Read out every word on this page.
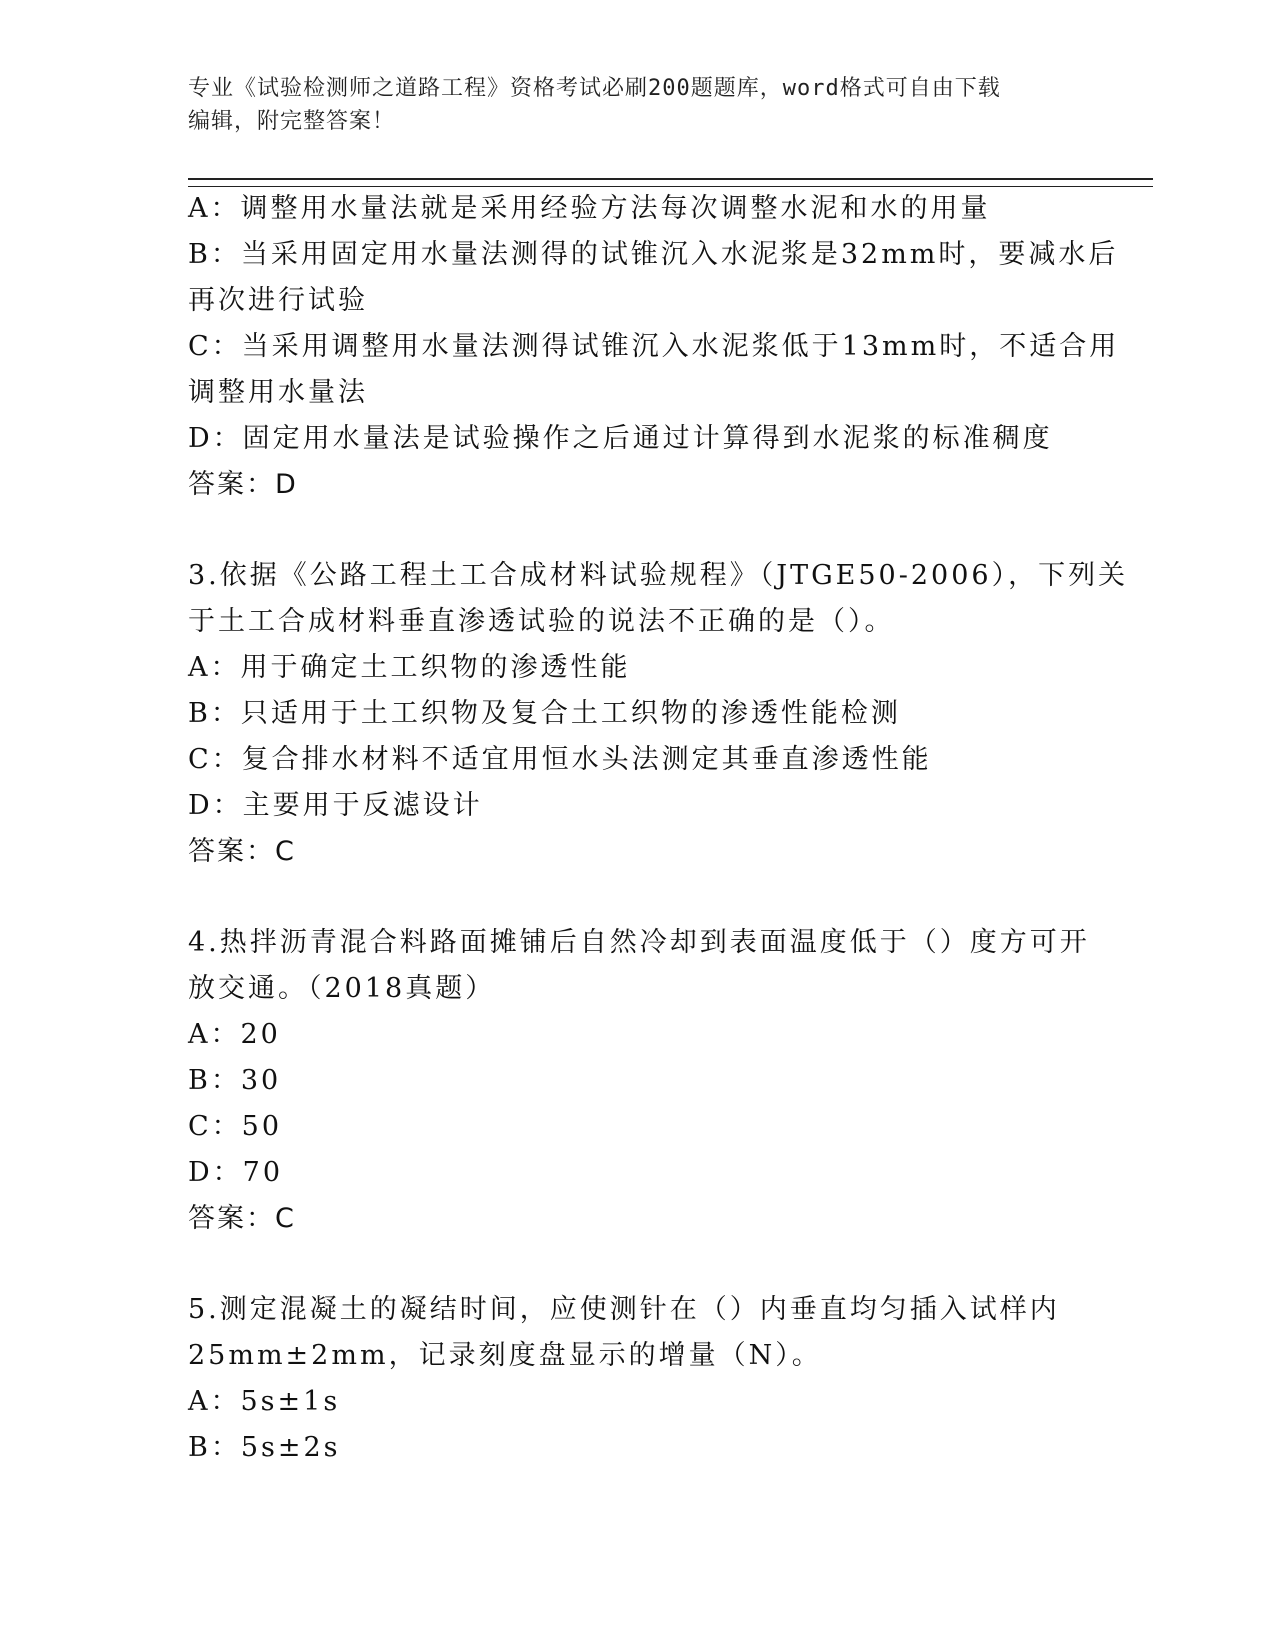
专业《试验检测师之道路工程》资格考试必刷200题题库，word格式可自由下载
编辑，附完整答案！
A：调整用水量法就是采用经验方法每次调整水泥和水的用量
B：当采用固定用水量法测得的试锥沉入水泥浆是32mm时，要减水后
再次进行试验
C：当采用调整用水量法测得试锥沉入水泥浆低于13mm时，不适合用
调整用水量法
D：固定用水量法是试验操作之后通过计算得到水泥浆的标准稠度
答案：D
3.依据《公路工程土工合成材料试验规程》（JTGE50-2006），下列关
于土工合成材料垂直渗透试验的说法不正确的是（）。
A：用于确定土工织物的渗透性能
B：只适用于土工织物及复合土工织物的渗透性能检测
C：复合排水材料不适宜用恒水头法测定其垂直渗透性能
D：主要用于反滤设计
答案：C
4.热拌沥青混合料路面摊铺后自然冷却到表面温度低于（）度方可开
放交通。（2018真题）
A：20
B：30
C：50
D：70
答案：C
5.测定混凝土的凝结时间，应使测针在（）内垂直均匀插入试样内
25mm±2mm，记录刻度盘显示的增量（N）。
A：5s±1s
B：5s±2s
